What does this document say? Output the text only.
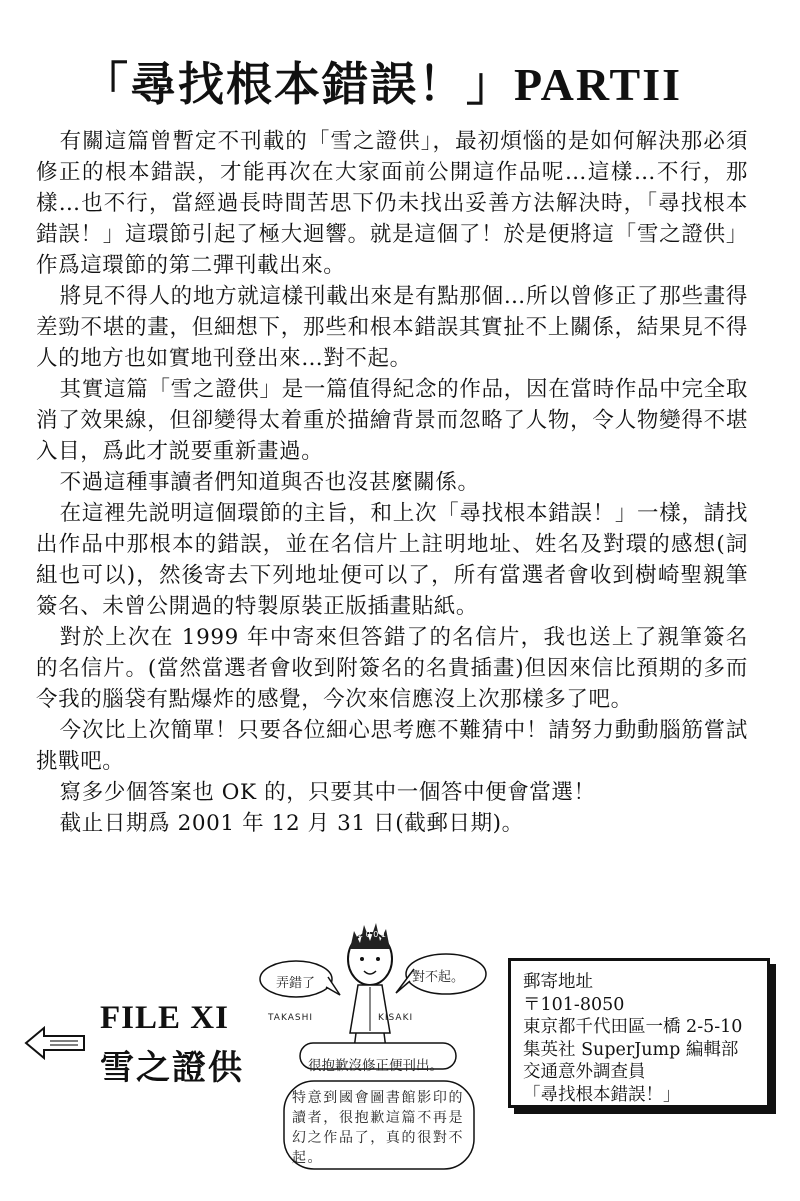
「尋找根本錯誤！」PARTII

有關這篇曾暫定不刊載的「雪之證供」，最初煩惱的是如何解決那必須修正的根本錯誤，才能再次在大家面前公開這作品呢…這樣…不行，那樣…也不行，當經過長時間苦思下仍未找出妥善方法解決時，「尋找根本錯誤！」這環節引起了極大迴響。就是這個了！於是便將這「雪之證供」作爲這環節的第二彈刊載出來。

將見不得人的地方就這樣刊載出來是有點那個…所以曾修正了那些畫得差勁不堪的畫，但細想下，那些和根本錯誤其實扯不上關係，結果見不得人的地方也如實地刊登出來…對不起。

其實這篇「雪之證供」是一篇值得紀念的作品，因在當時作品中完全取消了效果線，但卻變得太着重於描繪背景而忽略了人物，令人物變得不堪入目，爲此才説要重新畫過。

不過這種事讀者們知道與否也沒甚麼關係。

在這裡先説明這個環節的主旨，和上次「尋找根本錯誤！」一樣，請找出作品中那根本的錯誤，並在名信片上註明地址、姓名及對環的感想(詞組也可以)，然後寄去下列地址便可以了，所有當選者會收到樹崎聖親筆簽名、未曾公開過的特製原裝正版插畫貼紙。

對於上次在 1999 年中寄來但答錯了的名信片，我也送上了親筆簽名的名信片。(當然當選者會收到附簽名的名貴插畫)但因來信比預期的多而令我的腦袋有點爆炸的感覺，今次來信應沒上次那樣多了吧。

今次比上次簡單！只要各位細心思考應不難猜中！請努力動動腦筋嘗試挑戰吧。

寫多少個答案也 OK 的，只要其中一個答中便會當選！

截止日期爲 2001 年 12 月 31 日(截郵日期)。

FILE XI
雪之證供
2 0 0 1
弄錯了	對不起。
TAKASHI	KISAKI
很抱歉沒修正便刊出。
特意到國會圖書館影印的讀者，很抱歉這篇不再是幻之作品了，真的很對不起。
郵寄地址
〒101-8050
東京都千代田區一橋 2-5-10
集英社 SuperJump 編輯部
交通意外調查員
「尋找根本錯誤！」
